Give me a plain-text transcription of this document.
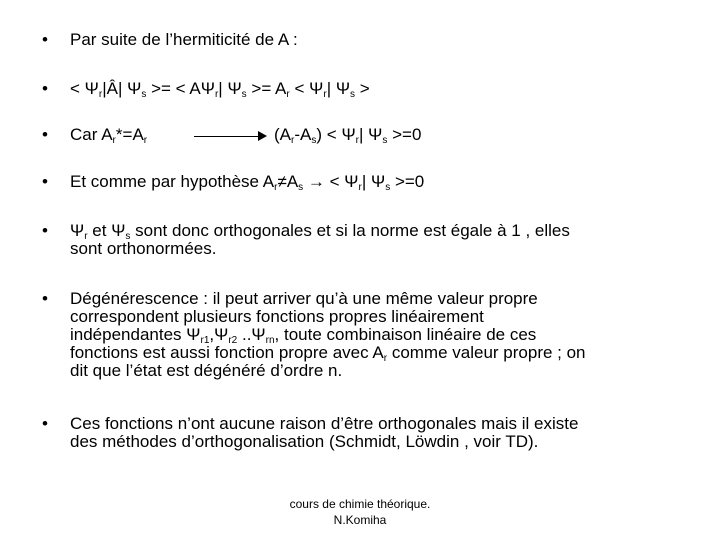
• Par suite de l’hermiticité de A :
• < $\Psi_r|Â|$ $\Psi_s$ >= < $A\Psi_r|$ $\Psi_s >= A_r < \Psi_r|$ $\Psi_s$ >
• Car $A_r*=A_r$	$(A_r-A_s) < \Psi_r|$ $\Psi_s >=0$
• Et comme par hypothèse $A_r\ne A_s$ → < $\Psi_r|$ $\Psi_s >=0$
• $\Psi_r$ et $\Psi_s$ sont donc orthogonales et si la norme est égale à 1 , elles
sont orthonormées.
• Dégénérescence : il peut arriver qu’à une même valeur propre
correspondent plusieurs fonctions propres linéairement
indépendantes $\Psi_{r1},\Psi_{r2}$ $..\Psi_{rn}$, toute combinaison linéaire de ces
fonctions est aussi fonction propre avec $A_r$ comme valeur propre ; on
dit que l’état est dégénéré d’ordre n.
• Ces fonctions n’ont aucune raison d’être orthogonales mais il existe
des méthodes d’orthogonalisation (Schmidt, Löwdin , voir TD).
cours de chimie théorique.
N.Komiha
